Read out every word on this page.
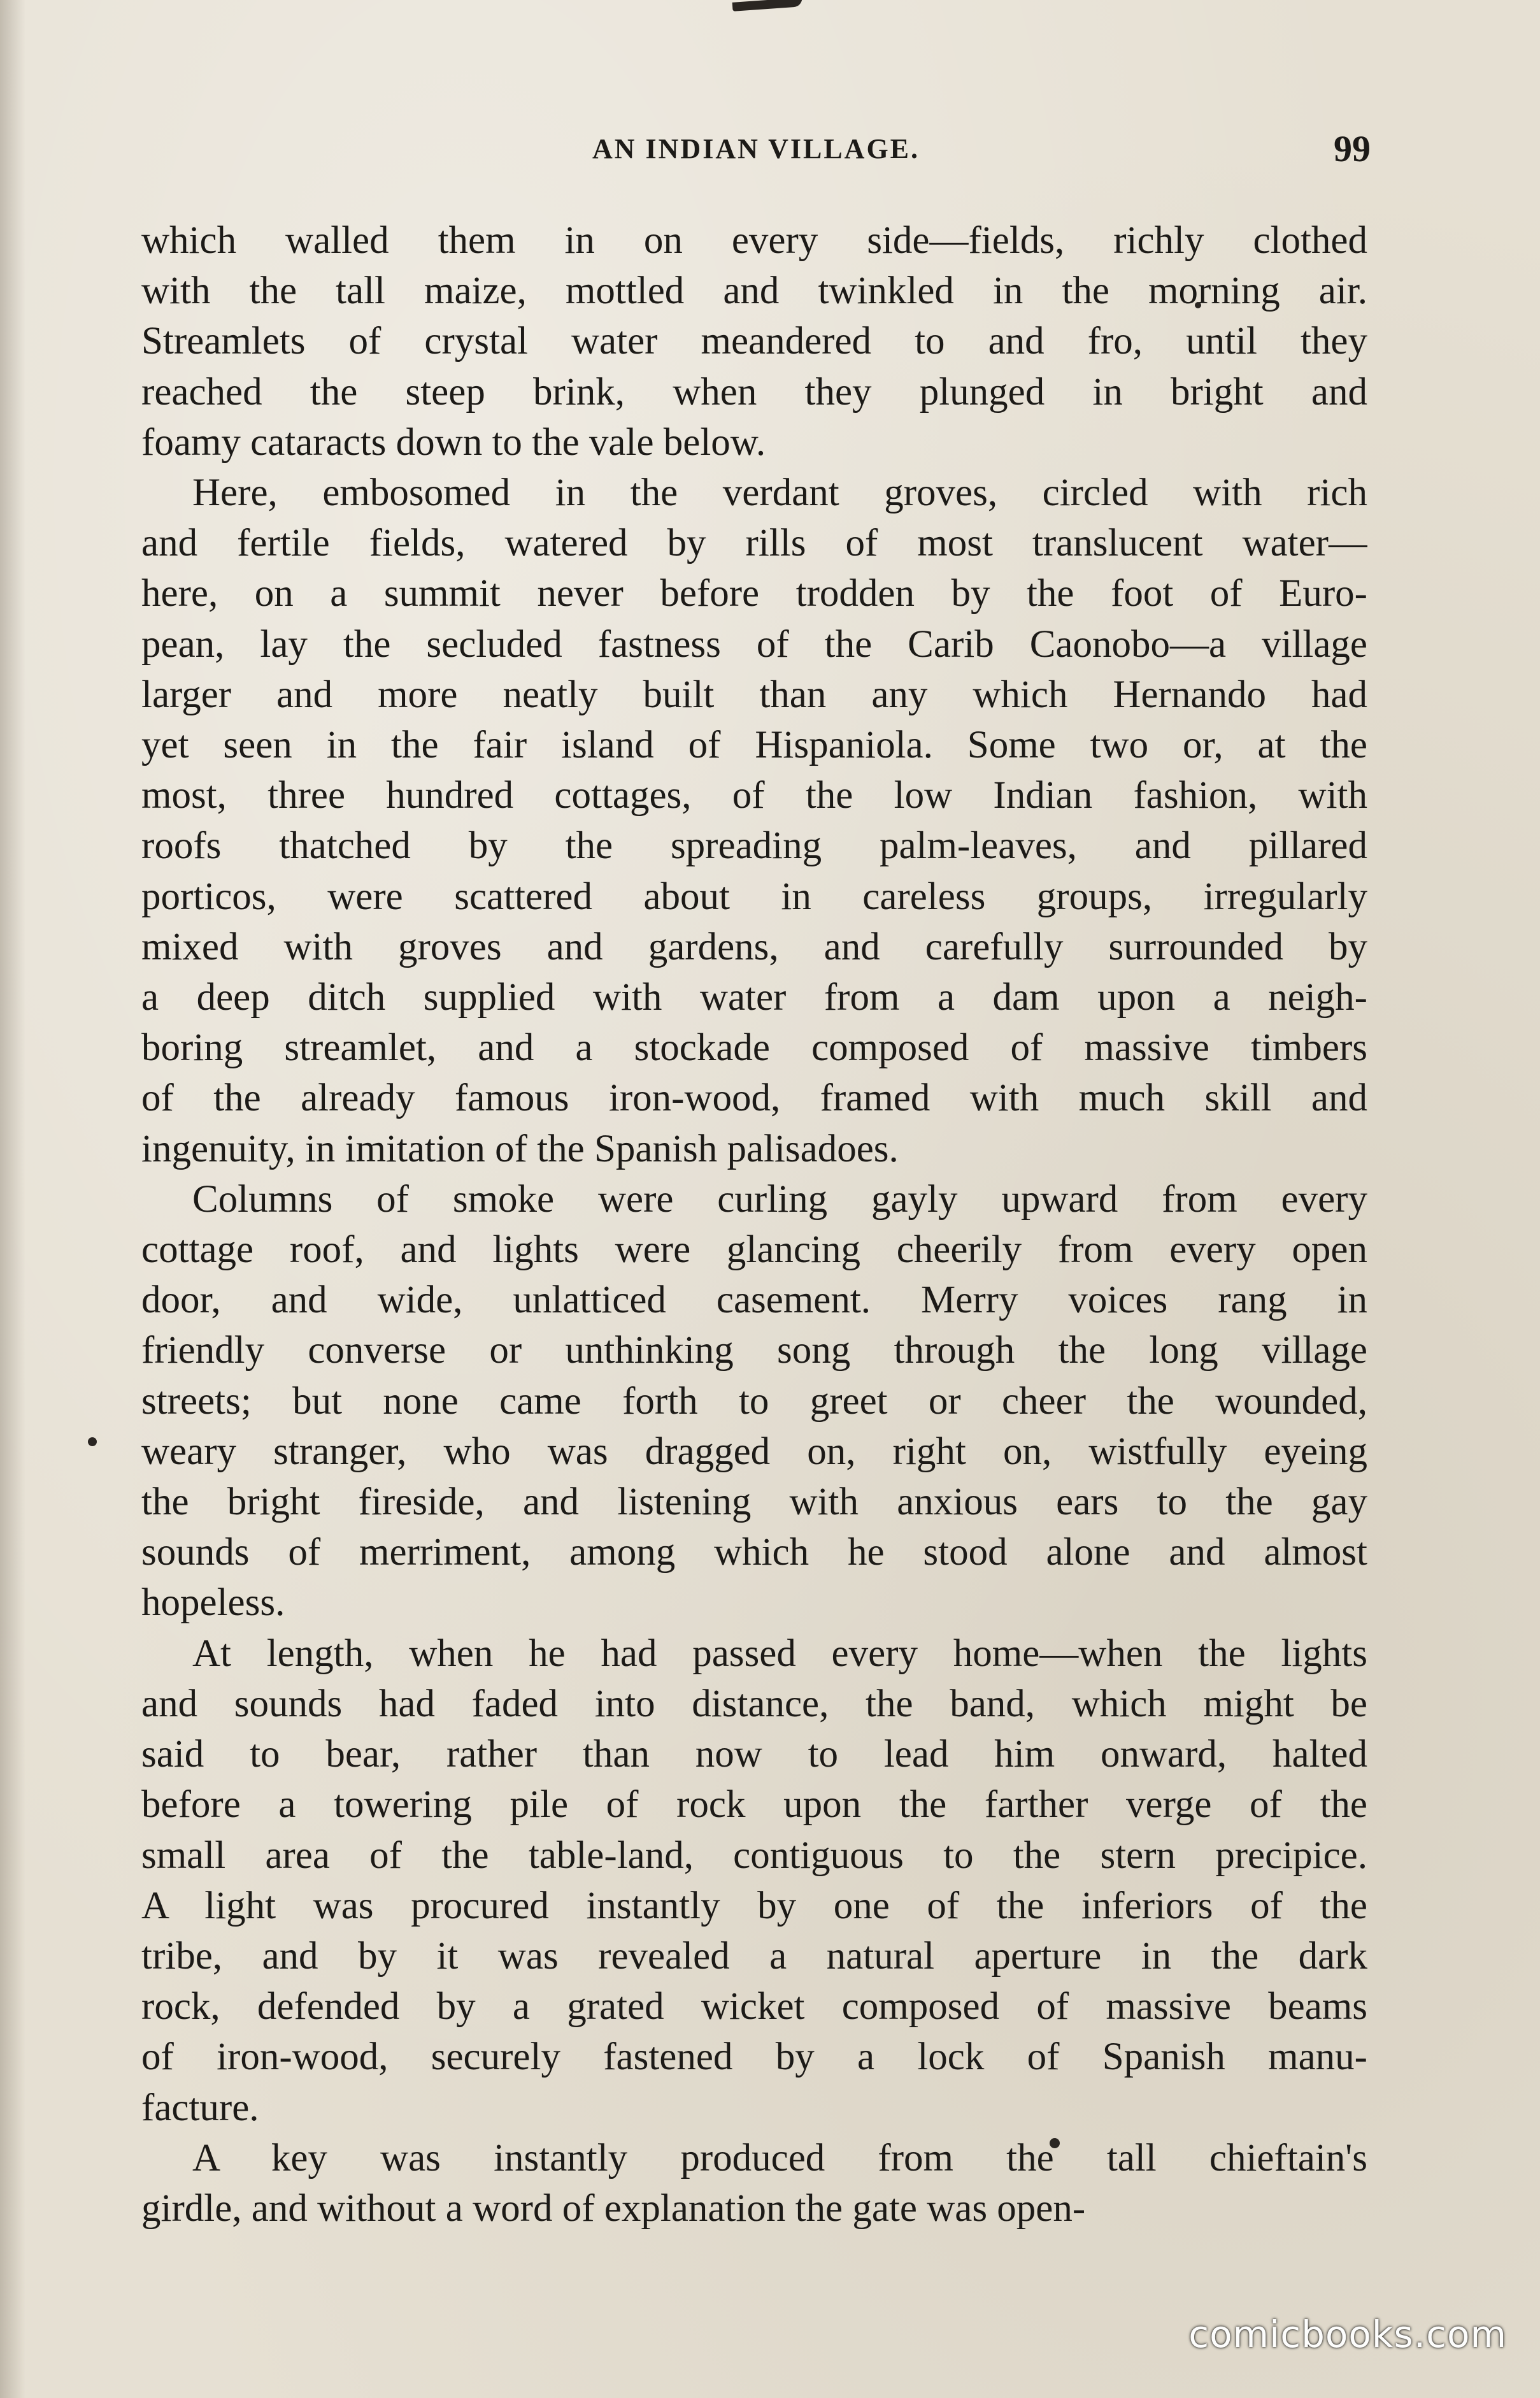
AN INDIAN VILLAGE.	99
which walled them in on every side—fields, richly clothed
with the tall maize, mottled and twinkled in the morning air.
Streamlets of crystal water meandered to and fro, until they
reached the steep brink, when they plunged in bright and
foamy cataracts down to the vale below.
Here, embosomed in the verdant groves, circled with rich
and fertile fields, watered by rills of most translucent water—
here, on a summit never before trodden by the foot of Euro-
pean, lay the secluded fastness of the Carib Caonobo—a village
larger and more neatly built than any which Hernando had
yet seen in the fair island of Hispaniola. Some two or, at the
most, three hundred cottages, of the low Indian fashion, with
roofs thatched by the spreading palm-leaves, and pillared
porticos, were scattered about in careless groups, irregularly
mixed with groves and gardens, and carefully surrounded by
a deep ditch supplied with water from a dam upon a neigh-
boring streamlet, and a stockade composed of massive timbers
of the already famous iron-wood, framed with much skill and
ingenuity, in imitation of the Spanish palisadoes.
Columns of smoke were curling gayly upward from every
cottage roof, and lights were glancing cheerily from every open
door, and wide, unlatticed casement. Merry voices rang in
friendly converse or unthinking song through the long village
streets; but none came forth to greet or cheer the wounded,
weary stranger, who was dragged on, right on, wistfully eyeing
the bright fireside, and listening with anxious ears to the gay
sounds of merriment, among which he stood alone and almost
hopeless.
At length, when he had passed every home—when the lights
and sounds had faded into distance, the band, which might be
said to bear, rather than now to lead him onward, halted
before a towering pile of rock upon the farther verge of the
small area of the table-land, contiguous to the stern precipice.
A light was procured instantly by one of the inferiors of the
tribe, and by it was revealed a natural aperture in the dark
rock, defended by a grated wicket composed of massive beams
of iron-wood, securely fastened by a lock of Spanish manu-
facture.
A key was instantly produced from the tall chieftain's
girdle, and without a word of explanation the gate was open-
comicbooks.com
